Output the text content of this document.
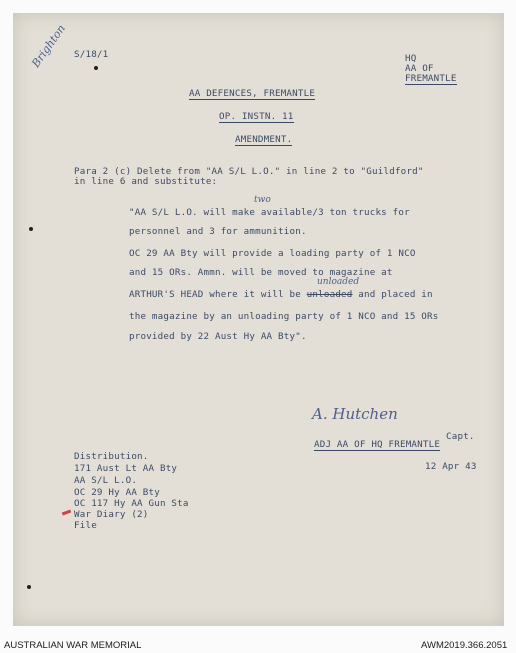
Brighton S/18/1	HQ
AA OF
FREMANTLE
AA DEFENCES, FREMANTLE
OP. INSTN. 11
AMENDMENT.
Para 2 (c) Delete from "AA S/L L.O." in line 2 to "Guildford"
in line 6 and substitute:
two
"AA S/L L.O. will make available/3 ton trucks for
personnel and 3 for ammunition.
OC 29 AA Bty will provide a loading party of 1 NCO
and 15 ORs. Ammn. will be moved to magazine at
unloaded
ARTHUR'S HEAD where it will be unloaded and placed in
the magazine by an unloading party of 1 NCO and 15 ORs
provided by 22 Aust Hy AA Bty".
A. Hutchen
Capt.
ADJ AA OF HQ FREMANTLE
12 Apr 43
Distribution.
171 Aust Lt AA Bty
AA S/L L.O.
OC 29 Hy AA Bty
OC 117 Hy AA Gun Sta
War Diary (2)
File
AUSTRALIAN WAR MEMORIAL	AWM2019.366.2051
